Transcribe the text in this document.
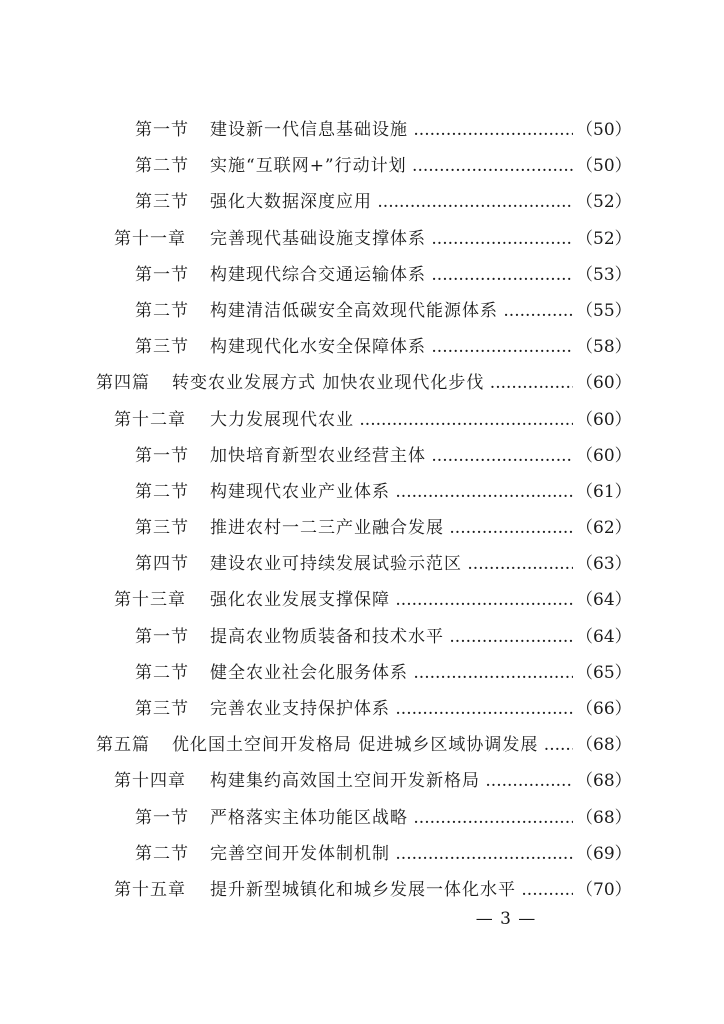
第一节 建设新一代信息基础设施 .....	（ 50 ）
第二节 实施“互联网+”行动计划 .....	（ 50 ）
第三节 强化大数据深度应用 .....	（ 52 ）
第十一章 完善现代基础设施支撑体系 .....	（ 52 ）
第一节 构建现代综合交通运输体系 .....	（ 53 ）
第二节 构建清洁低碳安全高效现代能源体系 .....	（ 55 ）
第三节 构建现代化水安全保障体系 .....	（ 58 ）
第四篇 转变农业发展方式 加快农业现代化步伐 .....	（ 60 ）
第十二章 大力发展现代农业 .....	（ 60 ）
第一节 加快培育新型农业经营主体 .....	（ 60 ）
第二节 构建现代农业产业体系 .....	（ 61 ）
第三节 推进农村一二三产业融合发展 .....	（ 62 ）
第四节 建设农业可持续发展试验示范区 .....	（ 63 ）
第十三章 强化农业发展支撑保障 .....	（ 64 ）
第一节 提高农业物质装备和技术水平 .....	（ 64 ）
第二节 健全农业社会化服务体系 .....	（ 65 ）
第三节 完善农业支持保护体系 .....	（ 66 ）
第五篇 优化国土空间开发格局 促进城乡区域协调发展 .....	（ 68 ）
第十四章 构建集约高效国土空间开发新格局 .....	（ 68 ）
第一节 严格落实主体功能区战略 .....	（ 68 ）
第二节 完善空间开发体制机制 .....	（ 69 ）
第十五章 提升新型城镇化和城乡发展一体化水平 .....	（ 70 ）
— 3 —
